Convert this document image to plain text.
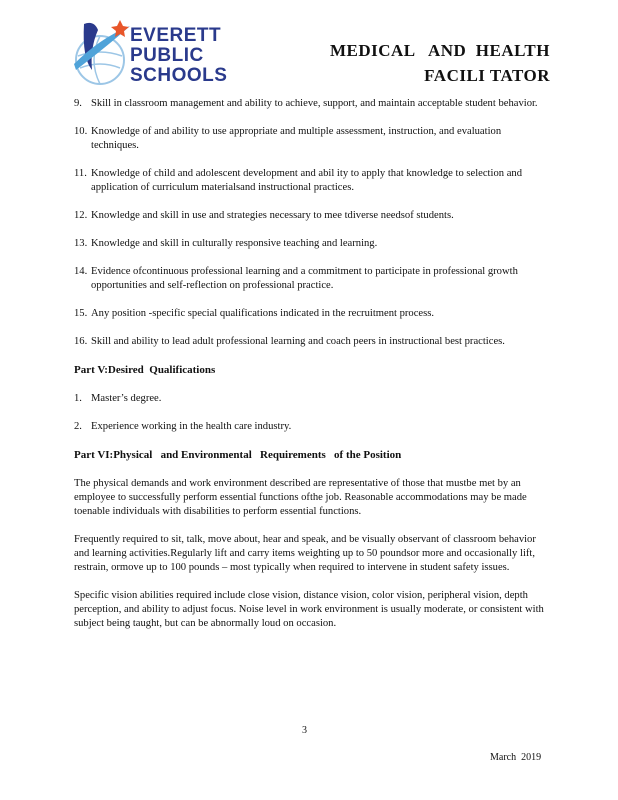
EVERETT
PUBLIC
SCHOOLS
MEDICAL   AND  HEALTH
FACILI TATOR
9. Skill in classroom management and ability to achieve, support, and maintain acceptable student behavior.
10. Knowledge of and ability to use appropriate and multiple assessment, instruction, and evaluation techniques.
11. Knowledge of child and adolescent development and abil ity to apply that knowledge to selection and application of curriculum materialsand instructional practices.
12. Knowledge and skill in use and strategies necessary to mee tdiverse needsof students.
13. Knowledge and skill in culturally responsive teaching and learning.
14. Evidence ofcontinuous professional learning and a commitment to participate in professional growth opportunities and self-reflection on professional practice.
15. Any position -specific special qualifications indicated in the recruitment process.
16. Skill and ability to lead adult professional learning and coach peers in instructional best practices.
Part V:Desired  Qualifications
1. Master’s degree.
2. Experience working in the health care industry.
Part VI:Physical   and Environmental   Requirements   of the Position

The physical demands and work environment described are representative of those that mustbe met by an employee to successfully perform essential functions ofthe job. Reasonable accommodations may be made toenable individuals with disabilities to perform essential functions.

Frequently required to sit, talk, move about, hear and speak, and be visually observant of classroom behavior and learning activities.Regularly lift and carry items weighting up to 50 poundsor more and occasionally lift, restrain, ormove up to 100 pounds – most typically when required to intervene in student safety issues.

Specific vision abilities required include close vision, distance vision, color vision, peripheral vision, depth perception, and ability to adjust focus. Noise level in work environment is usually moderate, or consistent with subject being taught, but can be abnormally loud on occasion.

3
March  2019
